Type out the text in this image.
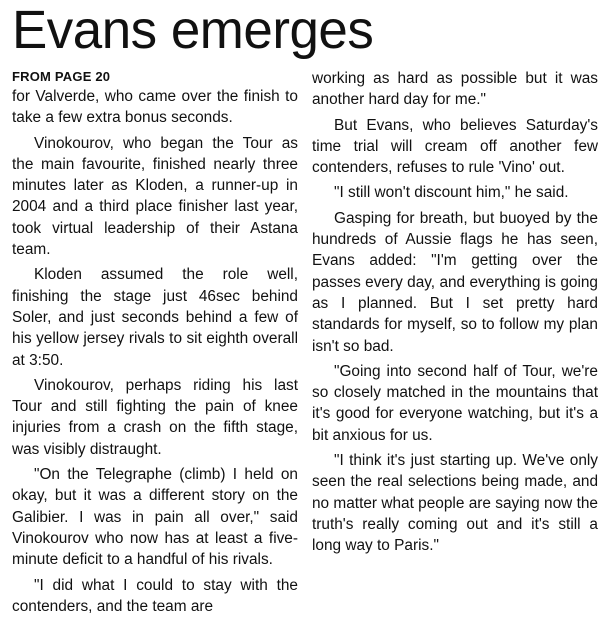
Evans emerges
FROM PAGE 20

for Valverde, who came over the finish to take a few extra bonus seconds.

Vinokourov, who began the Tour as the main favourite, finished nearly three minutes later as Kloden, a runner-up in 2004 and a third place finisher last year, took virtual leadership of their Astana team.

Kloden assumed the role well, finishing the stage just 46sec behind Soler, and just seconds behind a few of his yellow jersey rivals to sit eighth overall at 3:50.

Vinokourov, perhaps riding his last Tour and still fighting the pain of knee injuries from a crash on the fifth stage, was visibly distraught.

"On the Telegraphe (climb) I held on okay, but it was a different story on the Galibier. I was in pain all over," said Vinokourov who now has at least a five-minute deficit to a handful of his rivals.

"I did what I could to stay with the contenders, and the team are

working as hard as possible but it was another hard day for me."

But Evans, who believes Saturday's time trial will cream off another few contenders, refuses to rule 'Vino' out.

"I still won't discount him," he said.

Gasping for breath, but buoyed by the hundreds of Aussie flags he has seen, Evans added: "I'm getting over the passes every day, and everything is going as I planned. But I set pretty hard standards for myself, so to follow my plan isn't so bad.

"Going into second half of Tour, we're so closely matched in the mountains that it's good for everyone watching, but it's a bit anxious for us.

"I think it's just starting up. We've only seen the real selections being made, and no matter what people are saying now the truth's really coming out and it's still a long way to Paris."
